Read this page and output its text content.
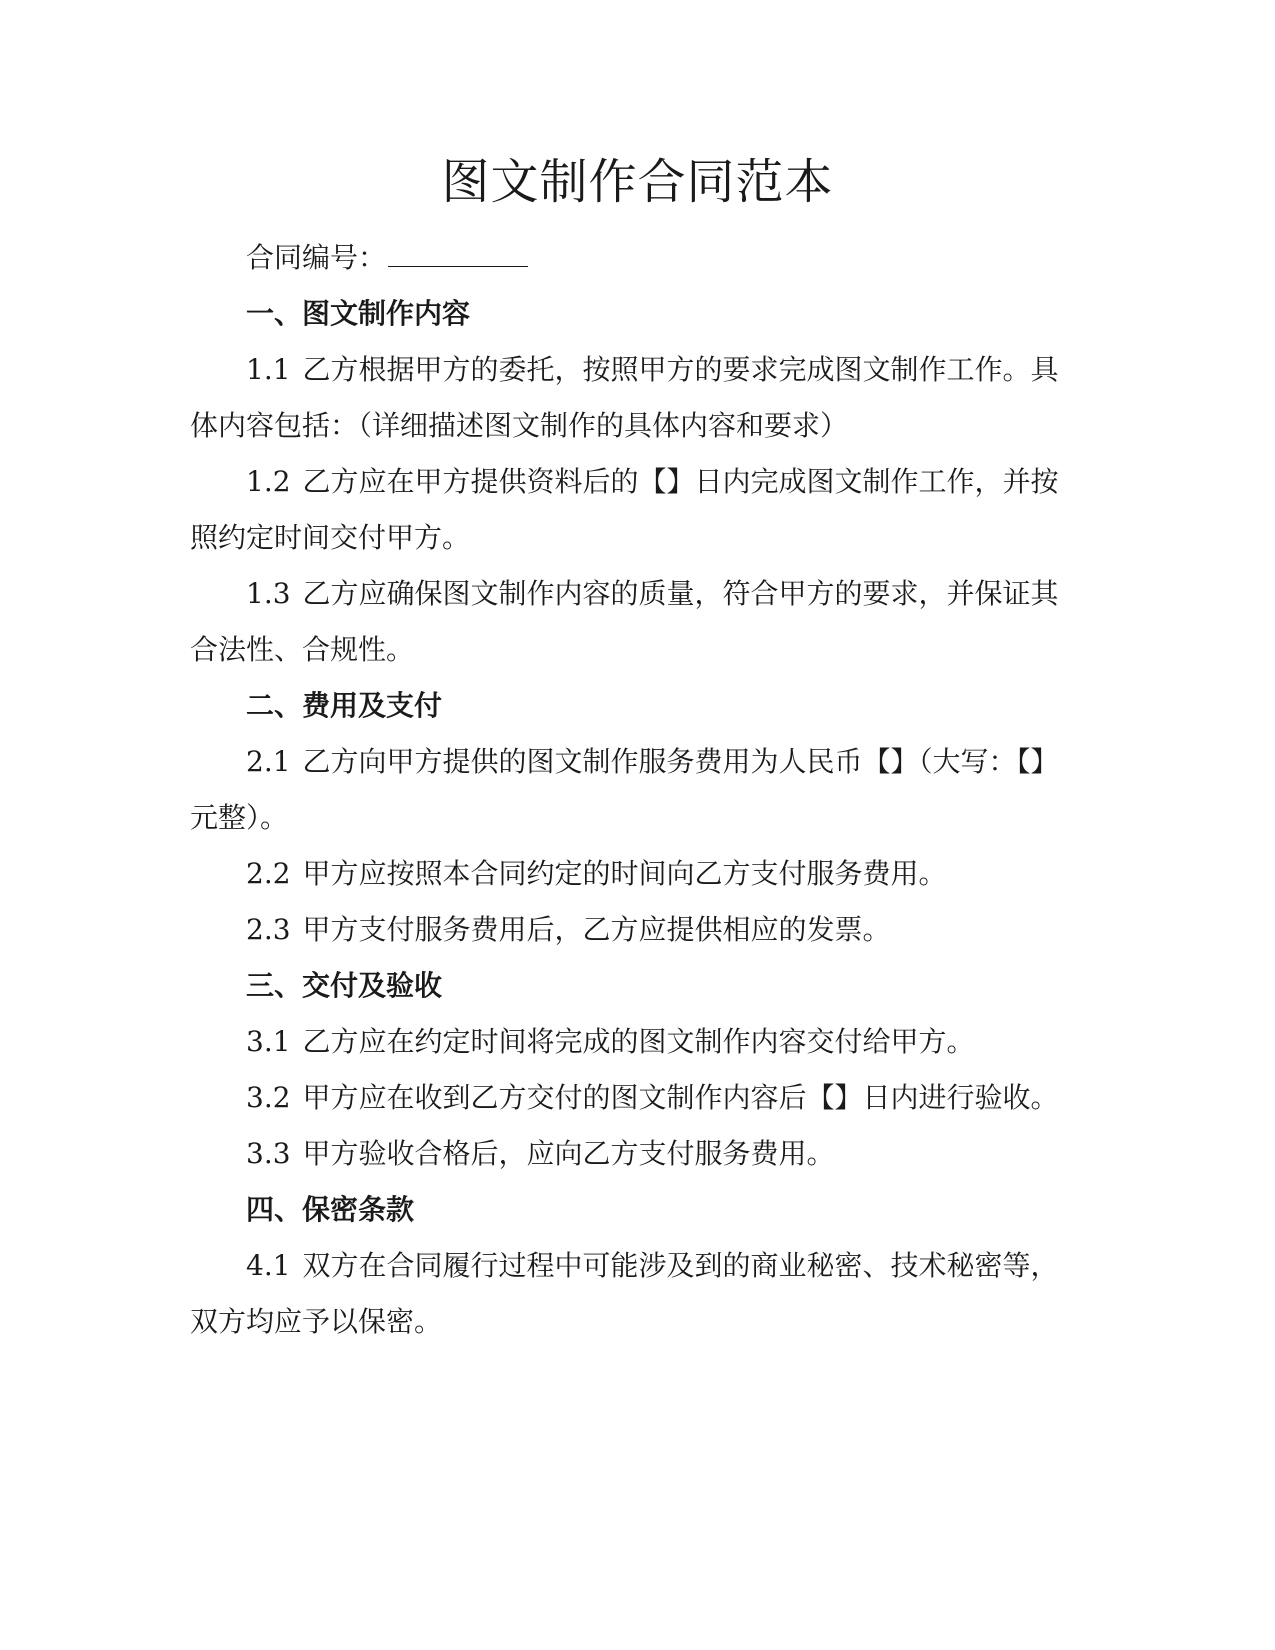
图文制作合同范本

合同编号：

一、图文制作内容

1.1 乙方根据甲方的委托，按照甲方的要求完成图文制作工作。具体内容包括：（详细描述图文制作的具体内容和要求）

1.2 乙方应在甲方提供资料后的【】日内完成图文制作工作，并按照约定时间交付甲方。

1.3 乙方应确保图文制作内容的质量，符合甲方的要求，并保证其合法性、合规性。

二、费用及支付

2.1 乙方向甲方提供的图文制作服务费用为人民币【】（大写：【】元整）。

2.2 甲方应按照本合同约定的时间向乙方支付服务费用。

2.3 甲方支付服务费用后，乙方应提供相应的发票。

三、交付及验收

3.1 乙方应在约定时间将完成的图文制作内容交付给甲方。

3.2 甲方应在收到乙方交付的图文制作内容后【】日内进行验收。

3.3 甲方验收合格后，应向乙方支付服务费用。

四、保密条款

4.1 双方在合同履行过程中可能涉及到的商业秘密、技术秘密等，双方均应予以保密。
